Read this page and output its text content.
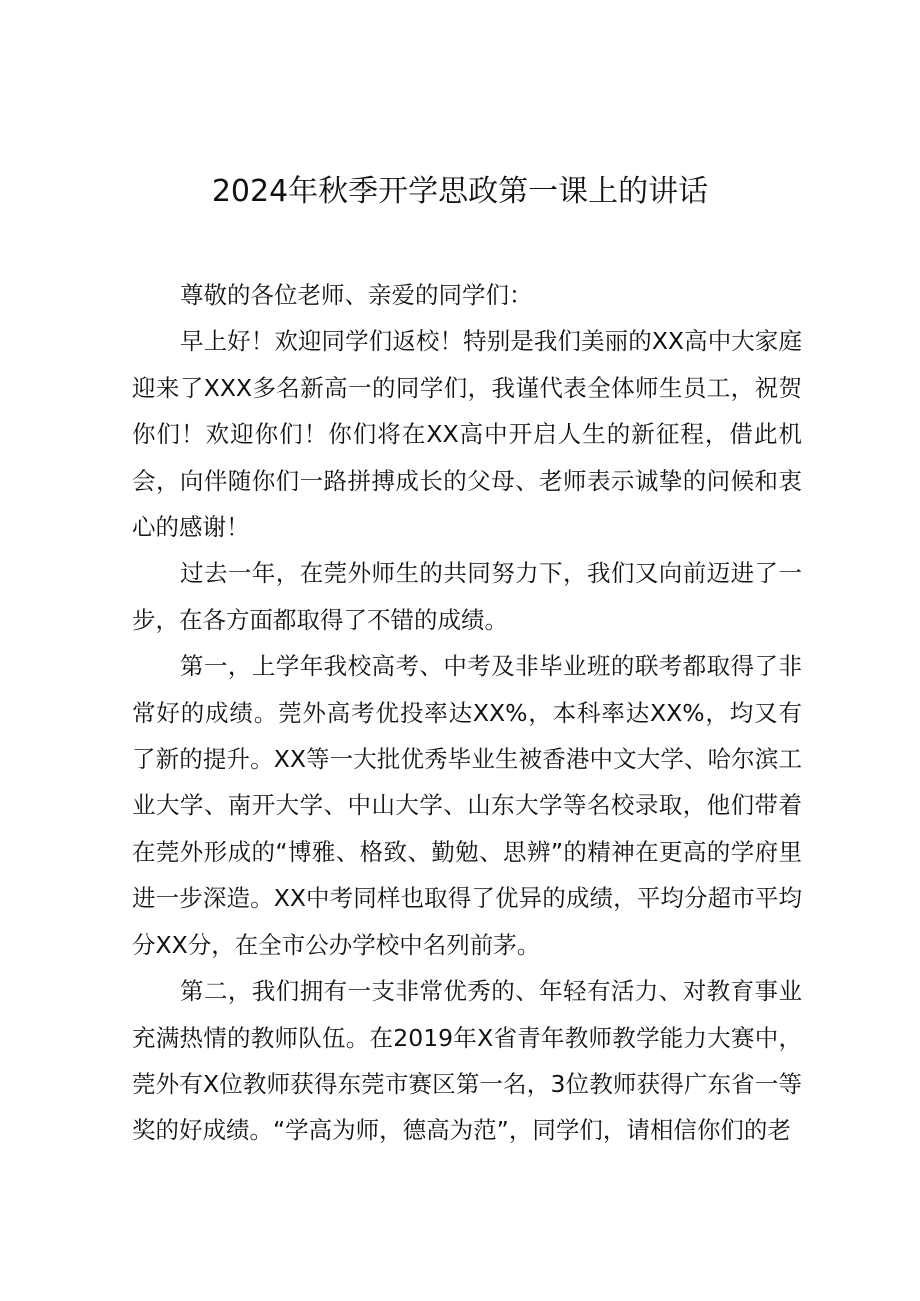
2024年秋季开学思政第一课上的讲话

尊敬的各位老师、亲爱的同学们：

早上好！欢迎同学们返校！特别是我们美丽的XX高中大家庭迎来了XXX多名新高一的同学们，我谨代表全体师生员工，祝贺你们！欢迎你们！你们将在XX高中开启人生的新征程，借此机会，向伴随你们一路拼搏成长的父母、老师表示诚挚的问候和衷心的感谢！

过去一年，在莞外师生的共同努力下，我们又向前迈进了一步，在各方面都取得了不错的成绩。

第一，上学年我校高考、中考及非毕业班的联考都取得了非常好的成绩。莞外高考优投率达XX%，本科率达XX%，均又有了新的提升。XX等一大批优秀毕业生被香港中文大学、哈尔滨工业大学、南开大学、中山大学、山东大学等名校录取，他们带着在莞外形成的“博雅、格致、勤勉、思辨”的精神在更高的学府里进一步深造。XX中考同样也取得了优异的成绩，平均分超市平均分XX分，在全市公办学校中名列前茅。

第二，我们拥有一支非常优秀的、年轻有活力、对教育事业充满热情的教师队伍。在2019年X省青年教师教学能力大赛中，莞外有X位教师获得东莞市赛区第一名，3位教师获得广东省一等奖的好成绩。“学高为师，德高为范”，同学们，请相信你们的老
